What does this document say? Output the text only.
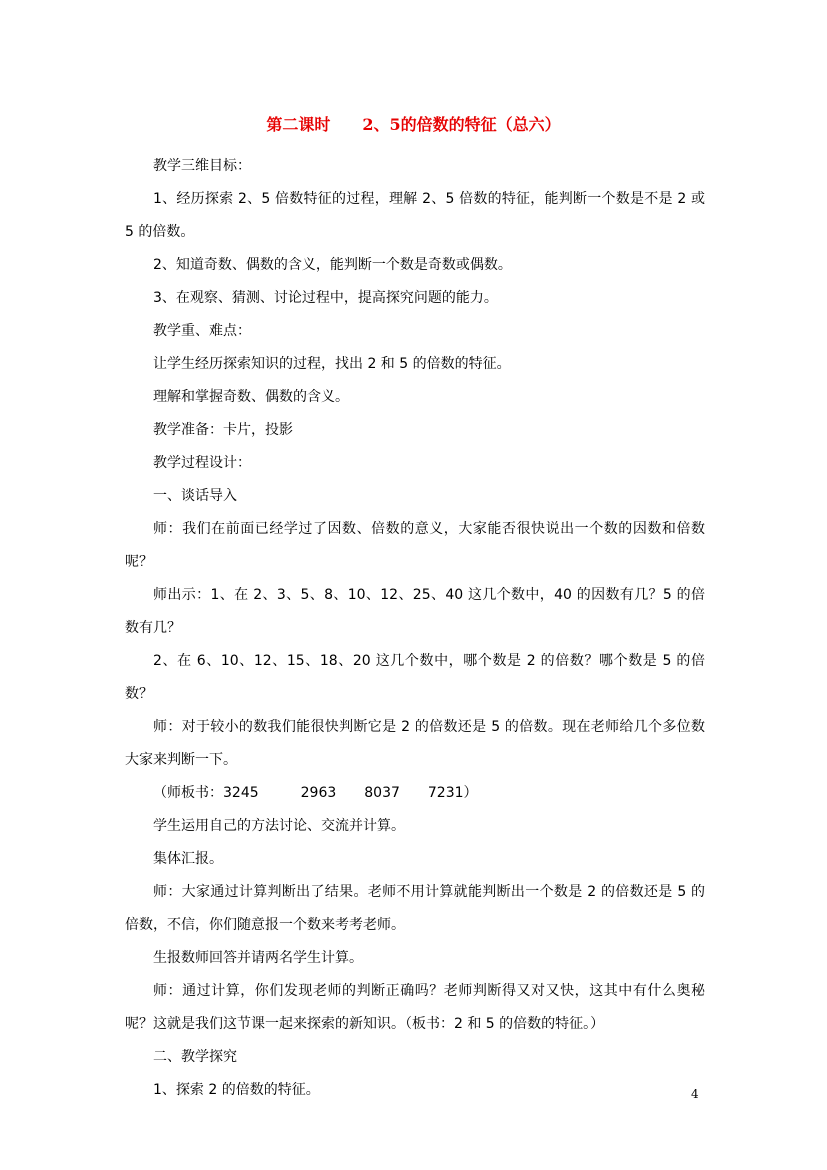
第二课时　　2、5的倍数的特征（总六）

教学三维目标：

1、经历探索 2、5 倍数特征的过程，理解 2、5 倍数的特征，能判断一个数是不是 2 或 5 的倍数。

2、知道奇数、偶数的含义，能判断一个数是奇数或偶数。

3、在观察、猜测、讨论过程中，提高探究问题的能力。

教学重、难点：

让学生经历探索知识的过程，找出 2 和 5 的倍数的特征。

理解和掌握奇数、偶数的含义。

教学准备：卡片，投影

教学过程设计：

一、谈话导入

师：我们在前面已经学过了因数、倍数的意义，大家能否很快说出一个数的因数和倍数呢？

师出示：1、在 2、3、5、8、10、12、25、40 这几个数中，40 的因数有几？5 的倍数有几？

2、在 6、10、12、15、18、20 这几个数中，哪个数是 2 的倍数？哪个数是 5 的倍数？

师：对于较小的数我们能很快判断它是 2 的倍数还是 5 的倍数。现在老师给几个多位数大家来判断一下。

（师板书：3245　　　2963　　8037　　7231）

学生运用自己的方法讨论、交流并计算。

集体汇报。

师：大家通过计算判断出了结果。老师不用计算就能判断出一个数是 2 的倍数还是 5 的倍数，不信，你们随意报一个数来考考老师。

生报数师回答并请两名学生计算。

师：通过计算，你们发现老师的判断正确吗？老师判断得又对又快，这其中有什么奥秘呢？这就是我们这节课一起来探索的新知识。（板书：2 和 5 的倍数的特征。）

二、教学探究

1、探索 2 的倍数的特征。	4
